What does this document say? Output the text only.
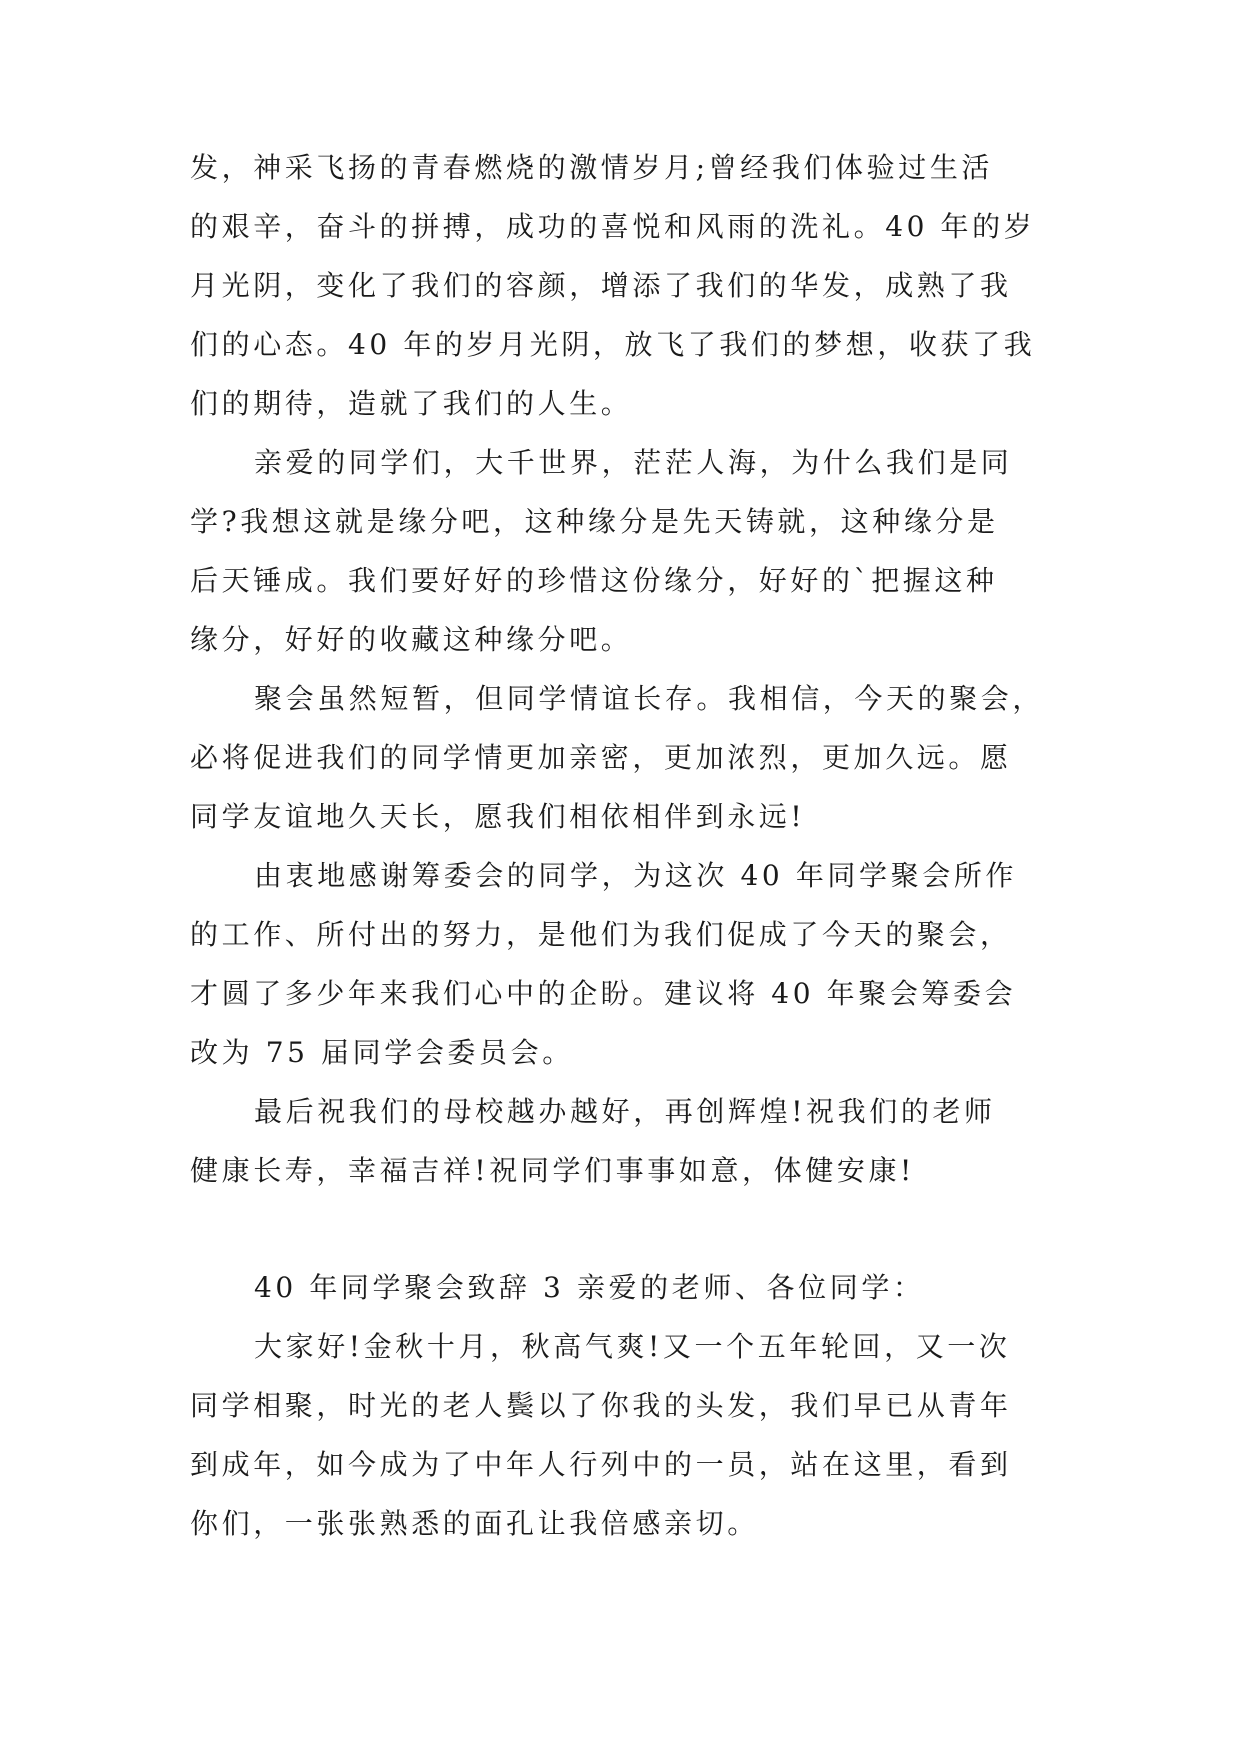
发，神采飞扬的青春燃烧的激情岁月;曾经我们体验过生活
的艰辛，奋斗的拼搏，成功的喜悦和风雨的洗礼。40 年的岁
月光阴，变化了我们的容颜，增添了我们的华发，成熟了我
们的心态。40 年的岁月光阴，放飞了我们的梦想，收获了我
们的期待，造就了我们的人生。
亲爱的同学们，大千世界，茫茫人海，为什么我们是同
学?我想这就是缘分吧，这种缘分是先天铸就，这种缘分是
后天锤成。我们要好好的珍惜这份缘分，好好的`把握这种
缘分，好好的收藏这种缘分吧。
聚会虽然短暂，但同学情谊长存。我相信，今天的聚会，
必将促进我们的同学情更加亲密，更加浓烈，更加久远。愿
同学友谊地久天长，愿我们相依相伴到永远!
由衷地感谢筹委会的同学，为这次 40 年同学聚会所作
的工作、所付出的努力，是他们为我们促成了今天的聚会，
才圆了多少年来我们心中的企盼。建议将 40 年聚会筹委会
改为 75 届同学会委员会。
最后祝我们的母校越办越好，再创辉煌!祝我们的老师
健康长寿，幸福吉祥!祝同学们事事如意，体健安康!
40 年同学聚会致辞 3 亲爱的老师、各位同学：
大家好!金秋十月，秋高气爽!又一个五年轮回，又一次
同学相聚，时光的老人鬓以了你我的头发，我们早已从青年
到成年，如今成为了中年人行列中的一员，站在这里，看到
你们，一张张熟悉的面孔让我倍感亲切。
